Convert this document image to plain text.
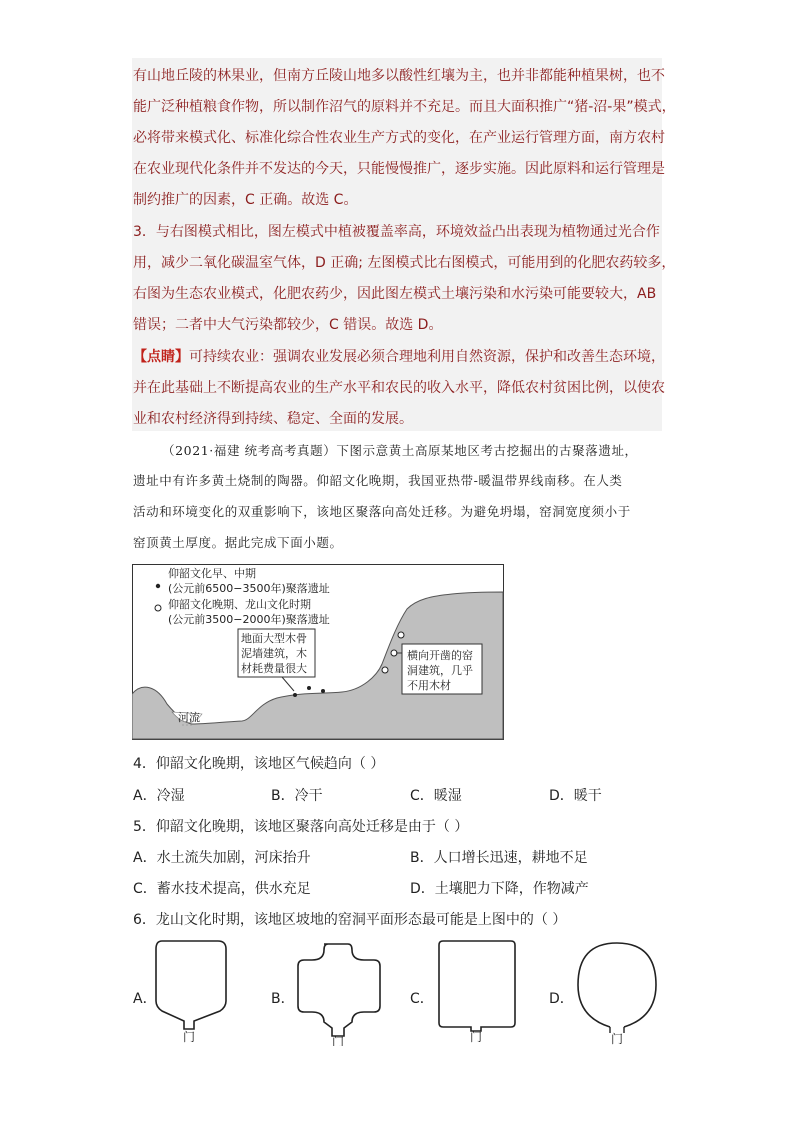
有山地丘陵的林果业，但南方丘陵山地多以酸性红壤为主，也并非都能种植果树，也不
能广泛种植粮食作物，所以制作沼气的原料并不充足。而且大面积推广“猪-沼-果”模式，
必将带来模式化、标准化综合性农业生产方式的变化，在产业运行管理方面，南方农村
在农业现代化条件并不发达的今天，只能慢慢推广，逐步实施。因此原料和运行管理是
制约推广的因素，C 正确。故选 C。
3．与右图模式相比，图左模式中植被覆盖率高，环境效益凸出表现为植物通过光合作
用，减少二氧化碳温室气体，D 正确; 左图模式比右图模式，可能用到的化肥农药较多，
右图为生态农业模式，化肥农药少，因此图左模式土壤污染和水污染可能要较大，AB
错误；二者中大气污染都较少，C 错误。故选 D。
【点睛】可持续农业：强调农业发展必须合理地利用自然资源，保护和改善生态环境，
并在此基础上不断提高农业的生产水平和农民的收入水平，降低农村贫困比例，以使农
业和农村经济得到持续、稳定、全面的发展。
（2021·福建 统考高考真题）下图示意黄土高原某地区考古挖掘出的古聚落遗址，
遗址中有许多黄土烧制的陶器。仰韶文化晚期，我国亚热带-暖温带界线南移。在人类
活动和环境变化的双重影响下，该地区聚落向高处迁移。为避免坍塌，窑洞宽度须小于
窑顶黄土厚度。据此完成下面小题。
河流
仰韶文化早、中期
(公元前6500−3500年)聚落遗址
仰韶文化晚期、龙山文化时期
(公元前3500−2000年)聚落遗址
地面大型木骨
泥墙建筑，木
材耗费量很大
横向开凿的窑
洞建筑，几乎
不用木材
4．仰韶文化晚期，该地区气候趋向（ ）
A．冷湿	B．冷干	C．暖湿	D．暖干
5．仰韶文化晚期，该地区聚落向高处迁移是由于（ ）
A．水土流失加剧，河床抬升	B．人口增长迅速，耕地不足
C．蓄水技术提高，供水充足	D．土壤肥力下降，作物减产
6．龙山文化时期，该地区坡地的窑洞平面形态最可能是上图中的（ ）
A．
门
B．
门
C．
门
D．
门
